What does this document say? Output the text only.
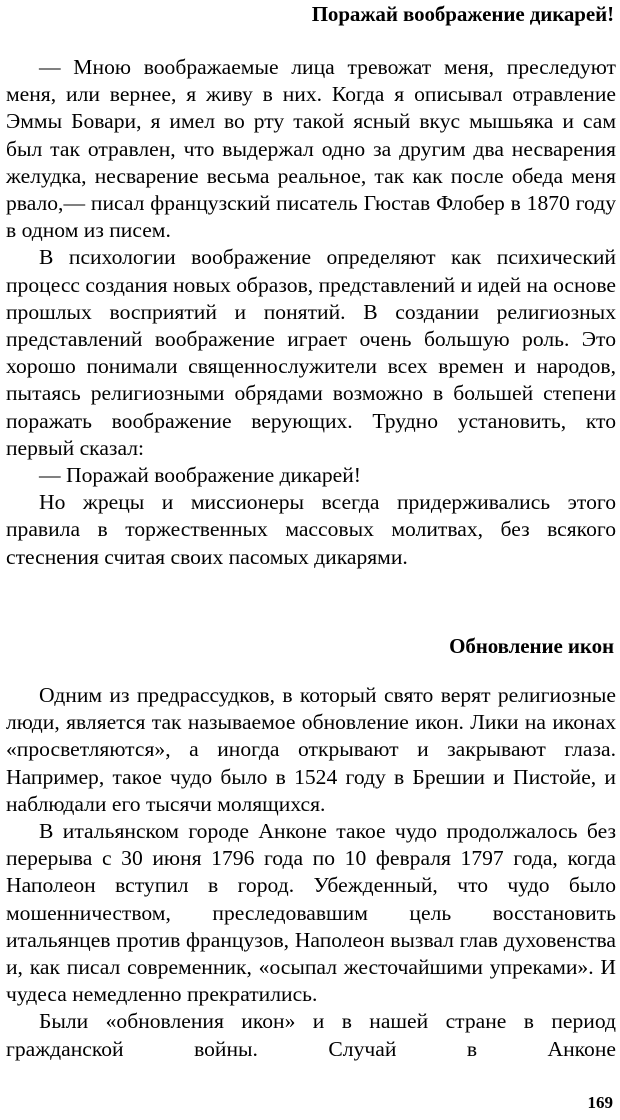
Поражай воображение дикарей!

— Мною воображаемые лица тревожат меня, преследуют меня, или вернее, я живу в них. Когда я описывал отравление Эммы Бовари, я имел во рту такой ясный вкус мышьяка и сам был так отравлен, что выдержал одно за другим два несварения желудка, несварение весьма реальное, так как после обеда меня рвало,— писал французский писатель Гюстав Флобер в 1870 году в одном из писем.

В психологии воображение определяют как психический процесс создания новых образов, представлений и идей на основе прошлых восприятий и понятий. В создании религиозных представлений воображение играет очень большую роль. Это хорошо понимали священнослужители всех времен и народов, пытаясь религиозными обрядами возможно в большей степени поражать воображение верующих. Трудно установить, кто первый сказал:

— Поражай воображение дикарей!

Но жрецы и миссионеры всегда придерживались этого правила в торжественных массовых молитвах, без всякого стеснения считая своих пасомых дикарями.

Обновление икон

Одним из предрассудков, в который свято верят религиозные люди, является так называемое обновление икон. Лики на иконах «просветляются», а иногда открывают и закрывают глаза. Например, такое чудо было в 1524 году в Брешии и Пистойе, и наблюдали его тысячи молящихся.

В итальянском городе Анконе такое чудо продолжалось без перерыва с 30 июня 1796 года по 10 февраля 1797 года, когда Наполеон вступил в город. Убежденный, что чудо было мошенничеством, преследовавшим цель восстановить итальянцев против французов, Наполеон вызвал глав духовенства и, как писал современник, «осыпал жесточайшими упреками». И чудеса немедленно прекратились.

Были «обновления икон» и в нашей стране в период гражданской войны. Случай в Анконе

169
